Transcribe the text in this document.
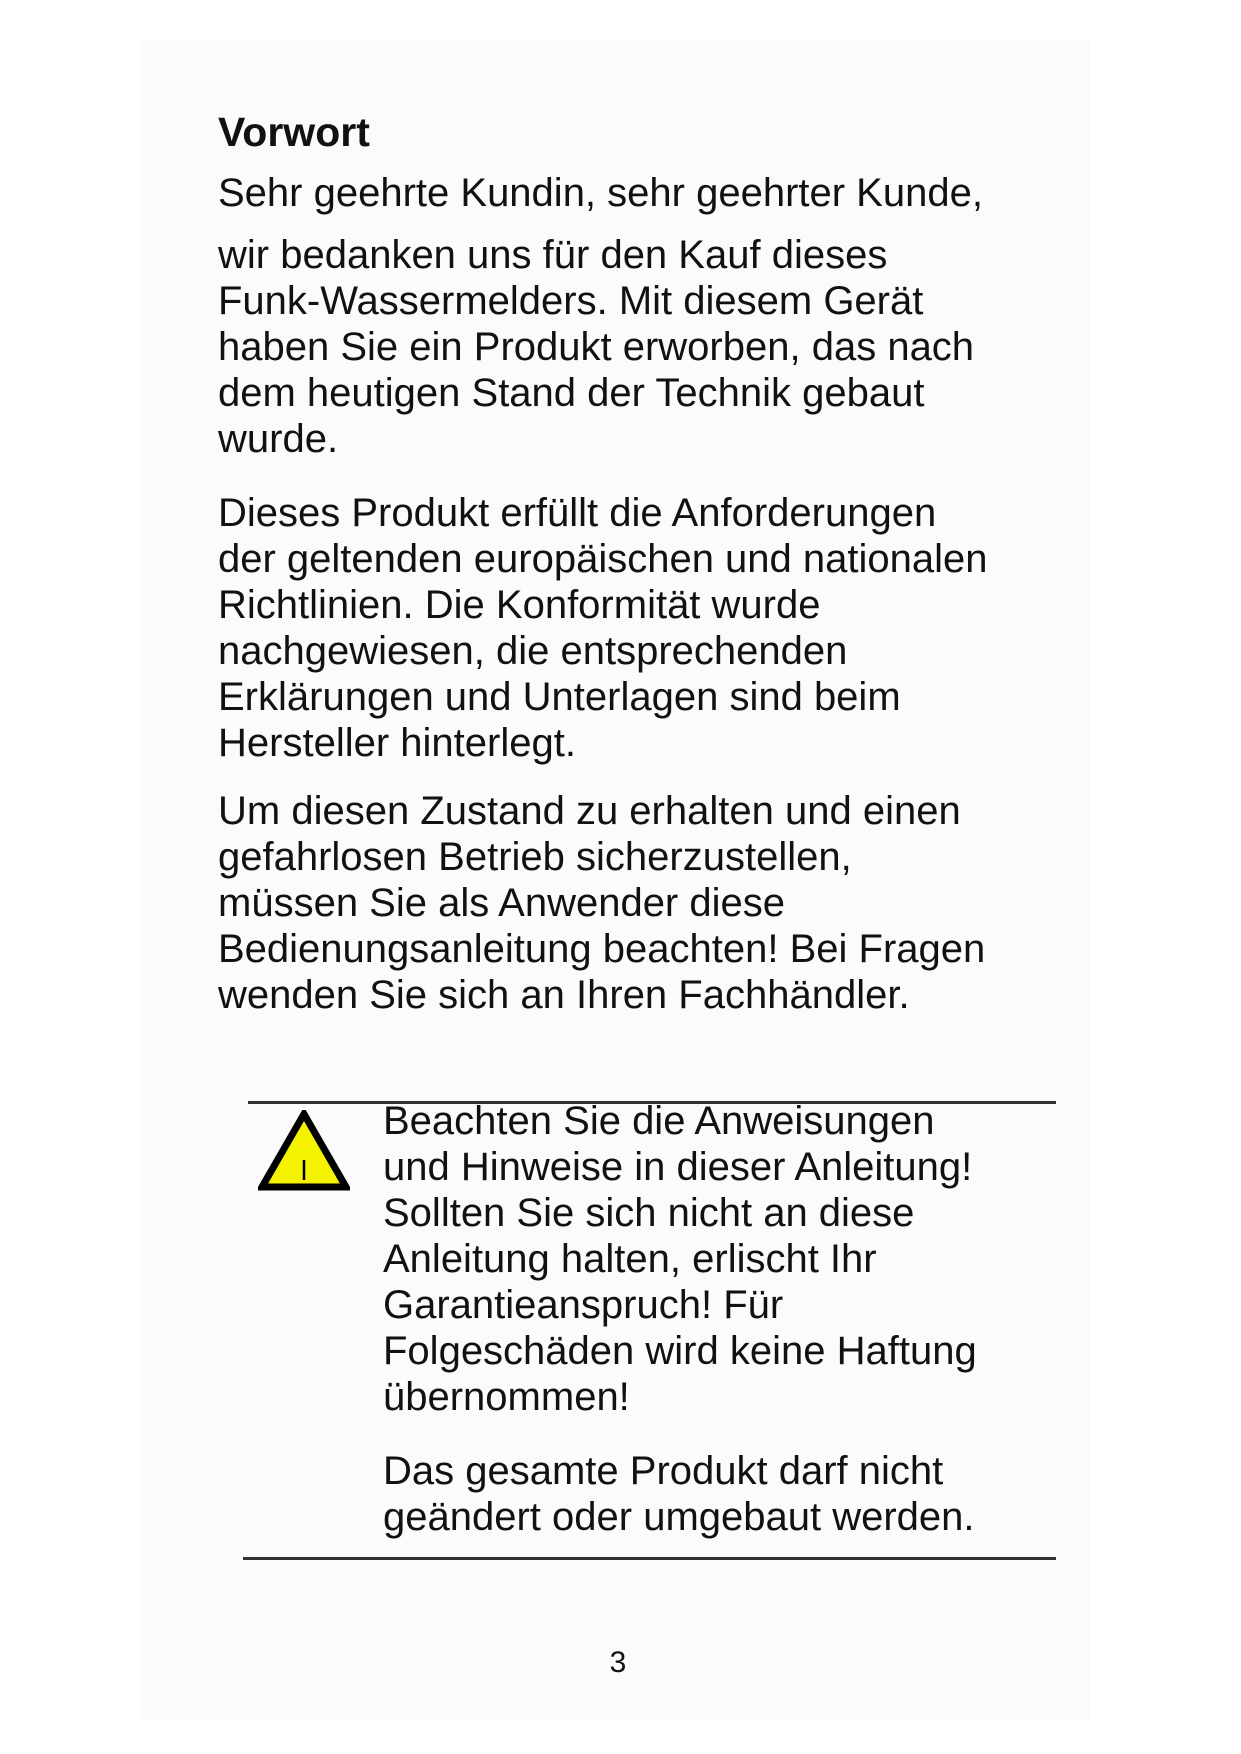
Vorwort

Sehr geehrte Kundin, sehr geehrter Kunde,

wir bedanken uns für den Kauf dieses
Funk-Wassermelders. Mit diesem Gerät
haben Sie ein Produkt erworben, das nach
dem heutigen Stand der Technik gebaut
wurde.

Dieses Produkt erfüllt die Anforderungen
der geltenden europäischen und nationalen
Richtlinien. Die Konformität wurde
nachgewiesen, die entsprechenden
Erklärungen und Unterlagen sind beim
Hersteller hinterlegt.

Um diesen Zustand zu erhalten und einen
gefahrlosen Betrieb sicherzustellen,
müssen Sie als Anwender diese
Bedienungsanleitung beachten! Bei Fragen
wenden Sie sich an Ihren Fachhändler.

Beachten Sie die Anweisungen
und Hinweise in dieser Anleitung!
Sollten Sie sich nicht an diese
Anleitung halten, erlischt Ihr
Garantieanspruch! Für
Folgeschäden wird keine Haftung
übernommen!

Das gesamte Produkt darf nicht
geändert oder umgebaut werden.

3
